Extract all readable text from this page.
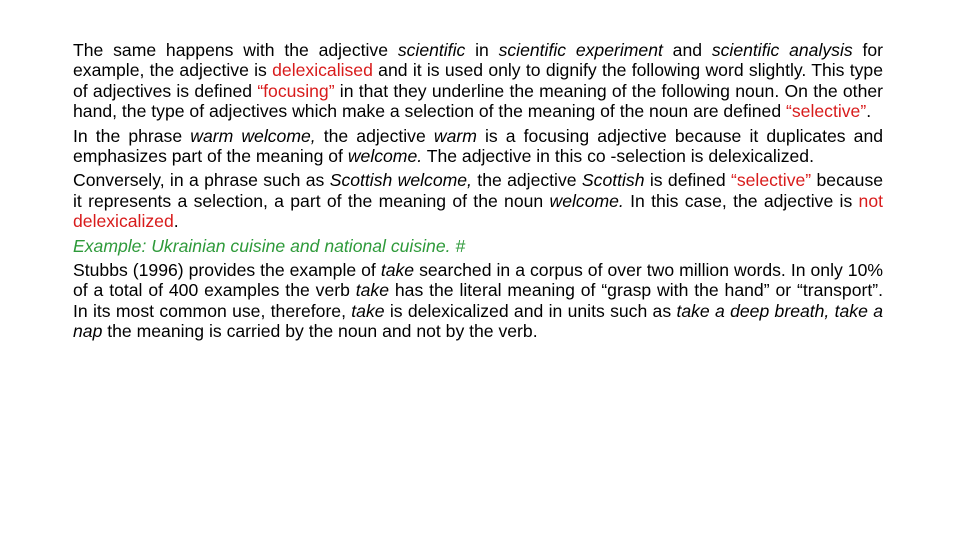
The same happens with the adjective scientific in scientific experiment and scientific analysis for example, the adjective is delexicalised and it is used only to dignify the following word slightly. This type of adjectives is defined “focusing” in that they underline the meaning of the following noun. On the other hand, the type of adjectives which make a selection of the meaning of the noun are defined “selective”.

In the phrase warm welcome, the adjective warm is a focusing adjective because it duplicates and emphasizes part of the meaning of welcome. The adjective in this co -selection is delexicalized.

Conversely, in a phrase such as Scottish welcome, the adjective Scottish is defined “selective” because it represents a selection, a part of the meaning of the noun welcome. In this case, the adjective is not delexicalized.

Example: Ukrainian cuisine and national cuisine. #

Stubbs (1996) provides the example of take searched in a corpus of over two million words. In only 10% of a total of 400 examples the verb take has the literal meaning of “grasp with the hand” or “transport”. In its most common use, therefore, take is delexicalized and in units such as take a deep breath, take a nap the meaning is carried by the noun and not by the verb.
